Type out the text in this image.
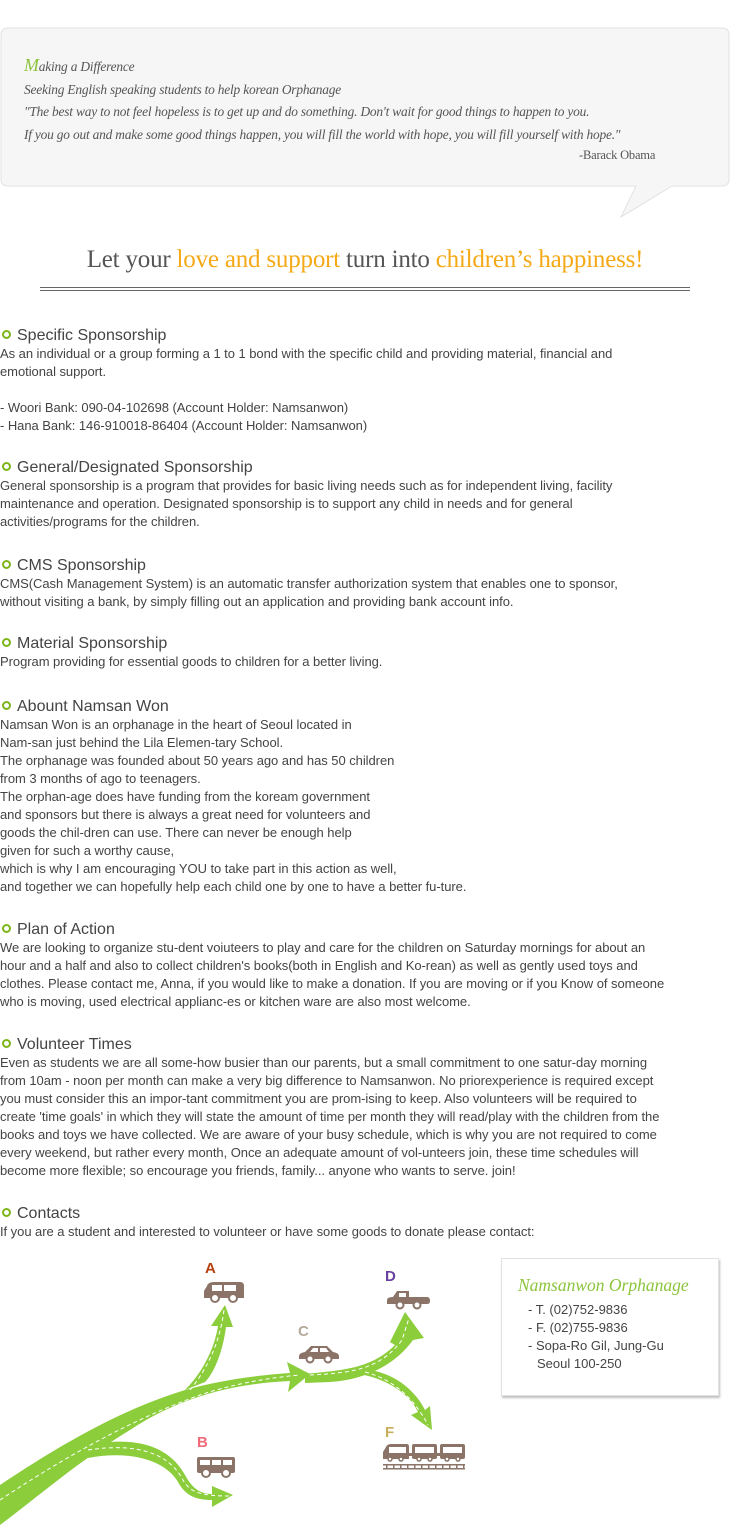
Making a Difference
Seeking English speaking students to help korean Orphanage
"The best way to not feel hopeless is to get up and do something. Don't wait for good things to happen to you.
If you go out and make some good things happen, you will fill the world with hope, you will fill yourself with hope."
-Barack Obama
Let your love and support turn into children’s happiness!
Specific Sponsorship
As an individual or a group forming a 1 to 1 bond with the specific child and providing material, financial and
emotional support.
- Woori Bank: 090-04-102698 (Account Holder: Namsanwon)
- Hana Bank: 146-910018-86404 (Account Holder: Namsanwon)
General/Designated Sponsorship
General sponsorship is a program that provides for basic living needs such as for independent living, facility
maintenance and operation. Designated sponsorship is to support any child in needs and for general
activities/programs for the children.
CMS Sponsorship
CMS(Cash Management System) is an automatic transfer authorization system that enables one to sponsor,
without visiting a bank, by simply filling out an application and providing bank account info.
Material Sponsorship
Program providing for essential goods to children for a better living.
Abount Namsan Won
Namsan Won is an orphanage in the heart of Seoul located in
Nam-san just behind the Lila Elemen-tary School.
The orphanage was founded about 50 years ago and has 50 children
from 3 months of ago to teenagers.
The orphan-age does have funding from the koream government
and sponsors but there is always a great need for volunteers and
goods the chil-dren can use. There can never be enough help
given for such a worthy cause,
which is why I am encouraging YOU to take part in this action as well,
and together we can hopefully help each child one by one to have a better fu-ture.
Plan of Action
We are looking to organize stu-dent voiuteers to play and care for the children on Saturday mornings for about an
hour and a half and also to collect children's books(both in English and Ko-rean) as well as gently used toys and
clothes. Please contact me, Anna, if you would like to make a donation. If you are moving or if you Know of someone
who is moving, used electrical applianc-es or kitchen ware are also most welcome.
Volunteer Times
Even as students we are all some-how busier than our parents, but a small commitment to one satur-day morning
from 10am - noon per month can make a very big difference to Namsanwon. No priorexperience is required except
you must consider this an impor-tant commitment you are prom-ising to keep. Also volunteers will be required to
create 'time goals' in which they will state the amount of time per month they will read/play with the children from the
books and toys we have collected. We are aware of your busy schedule, which is why you are not required to come
every weekend, but rather every month, Once an adequate amount of vol-unteers join, these time schedules will
become more flexible; so encourage you friends, family... anyone who wants to serve. join!
Contacts
If you are a student and interested to volunteer or have some goods to donate please contact:
A
B
C
D
F
Namsanwon Orphanage
- T. (02)752-9836
- F. (02)755-9836
- Sopa-Ro Gil, Jung-Gu
Seoul 100-250
